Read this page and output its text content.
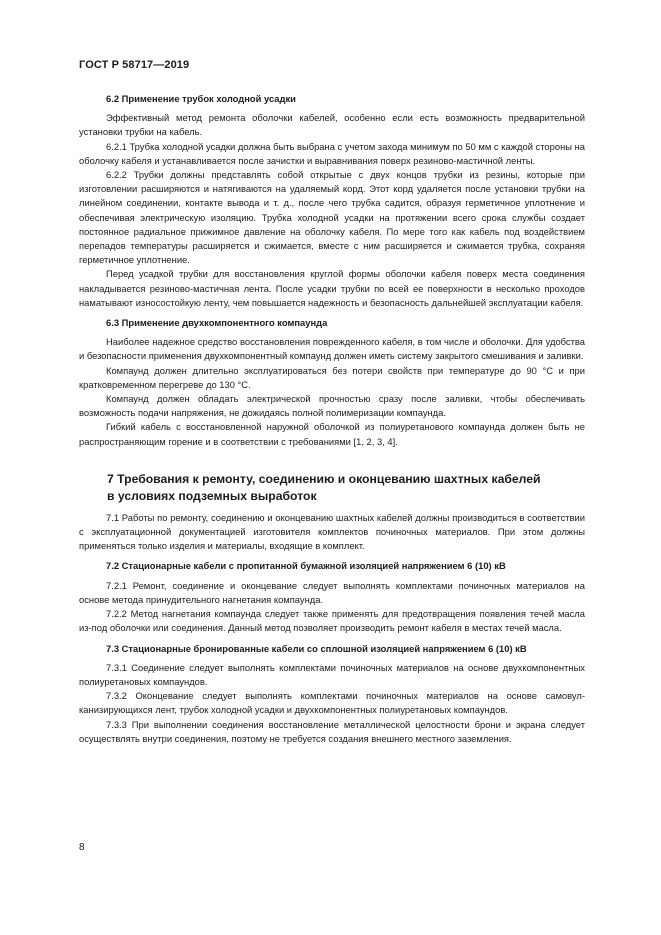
ГОСТ Р 58717—2019
6.2 Применение трубок холодной усадки
Эффективный метод ремонта оболочки кабелей, особенно если есть возможность предварительной установки трубки на кабель.
6.2.1 Трубка холодной усадки должна быть выбрана с учетом захода минимум по 50 мм с каждой стороны на оболочку кабеля и устанавливается после зачистки и выравнивания поверх резиново-мастичной ленты.
6.2.2 Трубки должны представлять собой открытые с двух концов трубки из резины, которые при изготовлении расширяются и натягиваются на удаляемый корд. Этот корд удаляется после установки трубки на линейном соединении, контакте вывода и т. д., после чего трубка садится, образуя герметичное уплотнение и обеспечивая электрическую изоляцию. Трубка холодной усадки на протяжении всего срока службы создает постоянное радиальное прижимное давление на оболочку кабеля. По мере того как кабель под воздействием перепадов температуры расширяется и сжимается, вместе с ним расширяется и сжимается трубка, сохраняя герметичное уплотнение.
Перед усадкой трубки для восстановления круглой формы оболочки кабеля поверх места соединения накладывается резиново-мастичная лента. После усадки трубки по всей ее поверхности в несколько проходов наматывают износостойкую ленту, чем повышается надежность и безопасность дальнейшей эксплуатации кабеля.
6.3 Применение двухкомпонентного компаунда
Наиболее надежное средство восстановления поврежденного кабеля, в том числе и оболочки. Для удобства и безопасности применения двухкомпонентный компаунд должен иметь систему закрытого смешивания и заливки.
Компаунд должен длительно эксплуатироваться без потери свойств при температуре до 90 °С и при кратковременном перегреве до 130 °С.
Компаунд должен обладать электрической прочностью сразу после заливки, чтобы обеспечивать возможность подачи напряжения, не дожидаясь полной полимеризации компаунда.
Гибкий кабель с восстановленной наружной оболочкой из полиуретанового компаунда должен быть не распространяющим горение и в соответствии с требованиями [1, 2, 3, 4].
7 Требования к ремонту, соединению и оконцеванию шахтных кабелей
в условиях подземных выработок
7.1 Работы по ремонту, соединению и оконцеванию шахтных кабелей должны производиться в соответствии с эксплуатационной документацией изготовителя комплектов починочных материалов. При этом должны применяться только изделия и материалы, входящие в комплект.
7.2 Стационарные кабели с пропитанной бумажной изоляцией напряжением 6 (10) кВ
7.2.1 Ремонт, соединение и оконцевание следует выполнять комплектами починочных материалов на основе метода принудительного нагнетания компаунда.
7.2.2 Метод нагнетания компаунда следует также применять для предотвращения появления течей масла из-под оболочки или соединения. Данный метод позволяет производить ремонт кабеля в местах течей масла.
7.3 Стационарные бронированные кабели со сплошной изоляцией напряжением 6 (10) кВ
7.3.1 Соединение следует выполнять комплектами починочных материалов на основе двухкомпонентных полиуретановых компаундов.
7.3.2 Оконцевание следует выполнять комплектами починочных материалов на основе самовулканизирующихся лент, трубок холодной усадки и двухкомпонентных полиуретановых компаундов.
7.3.3 При выполнении соединения восстановление металлической целостности брони и экрана следует осуществлять внутри соединения, поэтому не требуется создания внешнего местного заземления.
8
